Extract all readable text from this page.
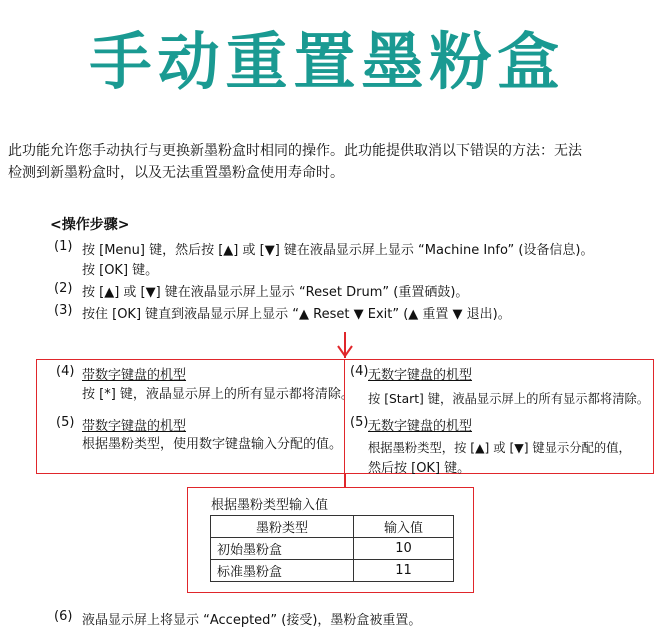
手动重置墨粉盒
此功能允许您手动执行与更换新墨粉盒时相同的操作。此功能提供取消以下错误的方法：无法
检测到新墨粉盒时，以及无法重置墨粉盒使用寿命时。
<操作步骤>
(1) 按 [Menu] 键，然后按 [▲] 或 [▼] 键在液晶显示屏上显示 “Machine Info” (设备信息)。
按 [OK] 键。
(2) 按 [▲] 或 [▼] 键在液晶显示屏上显示 “Reset Drum” (重置硒鼓)。
(3) 按住 [OK] 键直到液晶显示屏上显示 “▲ Reset ▼ Exit” (▲ 重置 ▼ 退出)。
(4) 带数字键盘的机型
按 [*] 键，液晶显示屏上的所有显示都将清除。
(5) 带数字键盘的机型
根据墨粉类型，使用数字键盘输入分配的值。
(4) 无数字键盘的机型
按 [Start] 键，液晶显示屏上的所有显示都将清除。
(5) 无数字键盘的机型
根据墨粉类型，按 [▲] 或 [▼] 键显示分配的值，
然后按 [OK] 键。
根据墨粉类型输入值
墨粉类型	输入值
初始墨粉盒	10
标准墨粉盒	11
(6) 液晶显示屏上将显示 “Accepted” (接受)，墨粉盒被重置。
